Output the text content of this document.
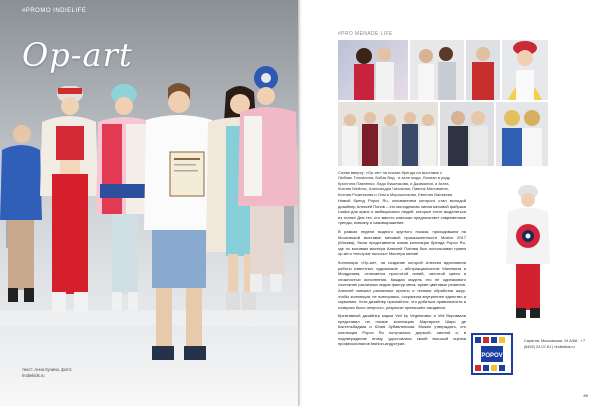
#PROMO INDIELIFE
Op-art
текст: Анна Кузина, фото: rindiekids.ru
#PRO MENADE LIFE
Слева вверху: «Op-art» на показе бренда на выставке с Любовь Толкалина, Бэбзи Вид · в зале мода, Лилиан в ряду, Кристина Павленко; Ладо Вишнякова, и Джамалия, и Агата, Ксения Мейлис, Александра Чичикова, Павлик Милованов, Ксения Рыженкова и Ольга Мирошникова, Евгения Ванзаева

Новый бренд Popov Ru, основателем которого стал молодой дизайнер Алексей Попов – это молодежная линия меховой фабрики Lasika для ярких и амбициозных людей, которые хотят выделяться из толпы! Для тех, кто вместо классики предпочитает современные тренды, новизну и самовыражение.

В рамках недели модного круглого показа, проходившем на Московской выставке меховой промышленности Mosfur 2017 (Москва), была представлена новая коллекция бренда Popov Ru, где по мотивам мастера Алексей Попова был использован прием op-art и «пестрые полосы» Мастера мехов!

Коллекция «Op-art», на создание которой Алексея вдохновили работы известных художников – абстракционистов: Малевича и Мондриана, отличается простотой линий, чистотой цвета и сложностью исполнения. Каждая модель это не одинакового сочетание различных видов фактур меха, яркие цветовые решения. Алексей смешал различные принты и техники обработки шкур, чтобы коллекция, не повторяясь, сохранила внутреннее единство и гармонию. Хотя дизайнер признаётся, что добиться правильности и созвучия было непросто, результат превзошёл ожидания.

Креативный дизайнер марки Veil by Vegetanatur и Veil Вергавали представил на показе коллекцию Маргарита Шаро де Кастельбаджак и Юлия Зубавлинская. Можно утверждать, что коллекция Popov Ru получилась дерзкой, смелой и, в подтверждение этому, удостоилась своей высокой оценки профессионалов fashion-индустрии.

POPOV
Саратов, Московская, 19 А/6А · +7 (8452) 22-07-61 | rindiekids.ru
89
